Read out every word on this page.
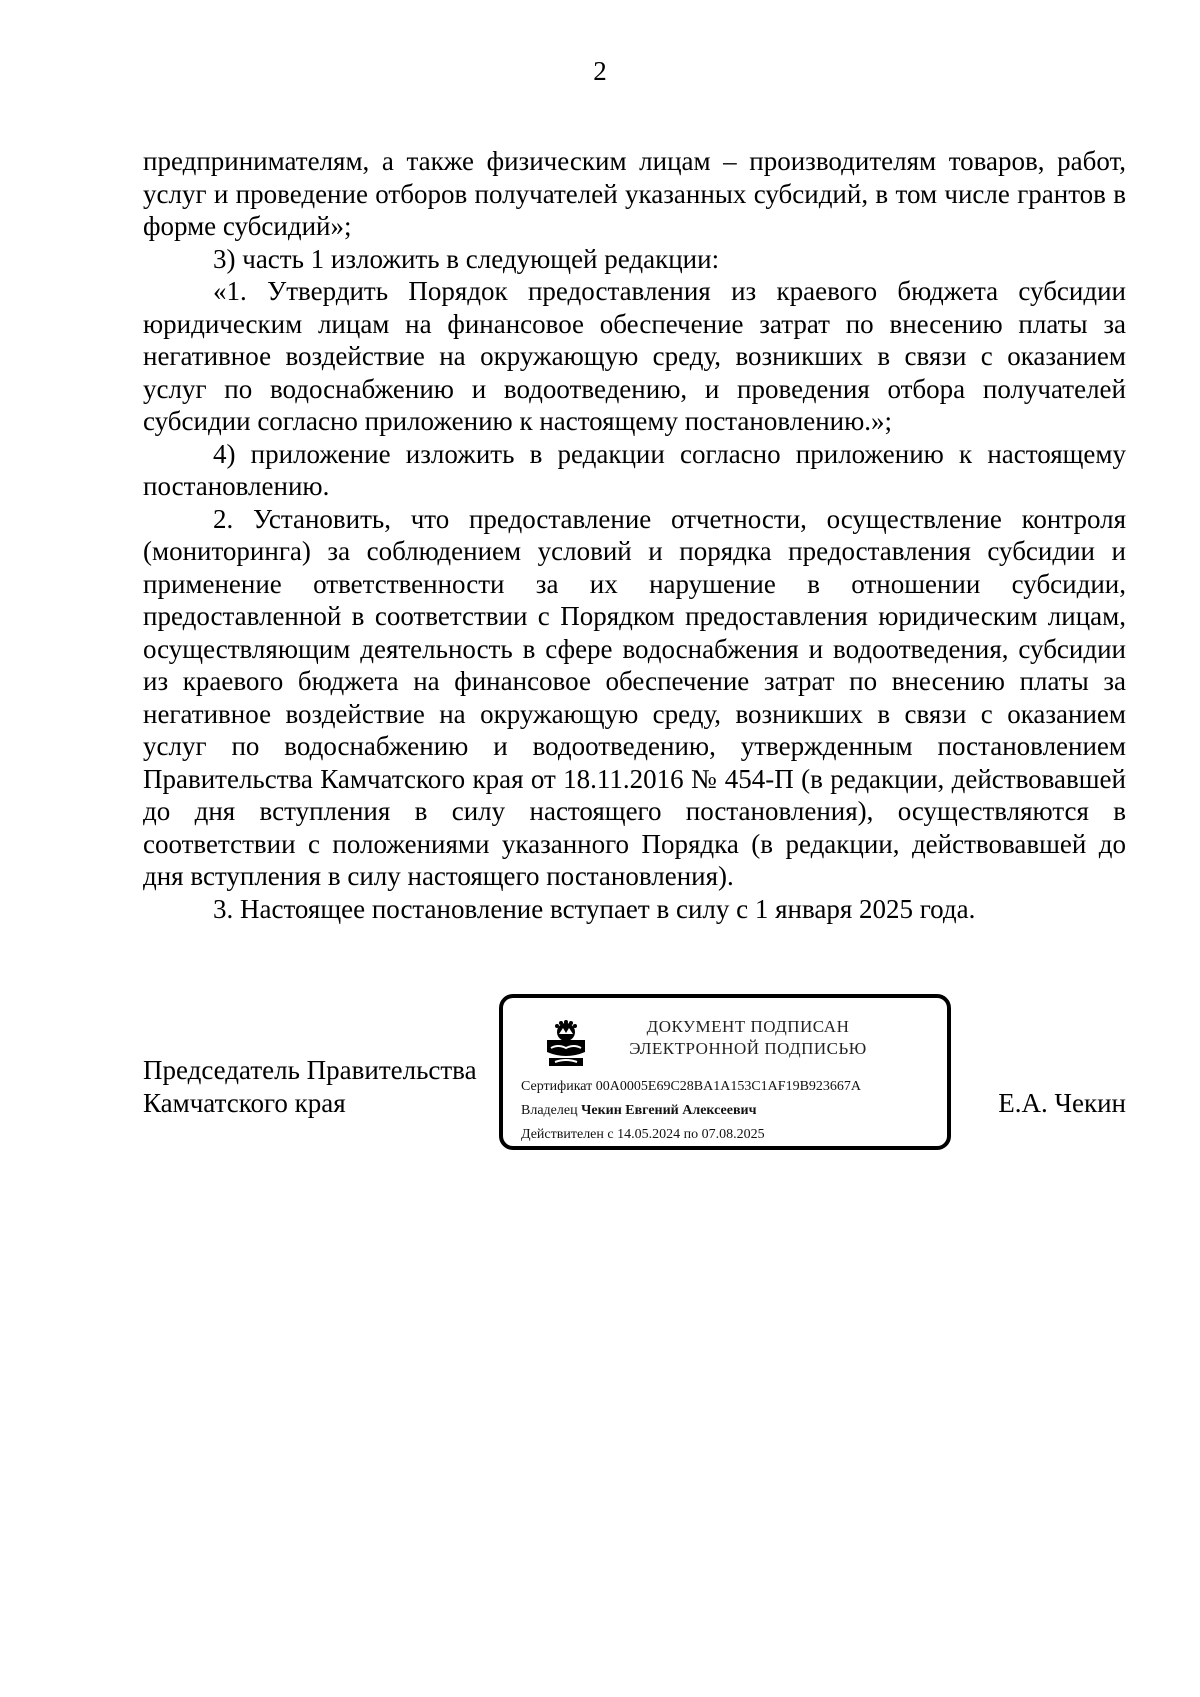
2

предпринимателям, а также физическим лицам – производителям товаров, работ, услуг и проведение отборов получателей указанных субсидий, в том числе грантов в форме субсидий»;

3) часть 1 изложить в следующей редакции:

«1. Утвердить Порядок предоставления из краевого бюджета субсидии юридическим лицам на финансовое обеспечение затрат по внесению платы за негативное воздействие на окружающую среду, возникших в связи с оказанием услуг по водоснабжению и водоотведению, и проведения отбора получателей субсидии согласно приложению к настоящему постановлению.»;

4) приложение изложить в редакции согласно приложению к настоящему постановлению.

2. Установить, что предоставление отчетности, осуществление контроля (мониторинга) за соблюдением условий и порядка предоставления субсидии и применение ответственности за их нарушение в отношении субсидии, предоставленной в соответствии с Порядком предоставления юридическим лицам, осуществляющим деятельность в сфере водоснабжения и водоотведения, субсидии из краевого бюджета на финансовое обеспечение затрат по внесению платы за негативное воздействие на окружающую среду, возникших в связи с оказанием услуг по водоснабжению и водоотведению, утвержденным постановлением Правительства Камчатского края от 18.11.2016 № 454-П (в редакции, действовавшей до дня вступления в силу настоящего постановления), осуществляются в соответствии с положениями указанного Порядка (в редакции, действовавшей до дня вступления в силу настоящего постановления).

3. Настоящее постановление вступает в силу с 1 января 2025 года.

Председатель Правительства
Камчатского края
ДОКУМЕНТ ПОДПИСАН
ЭЛЕКТРОННОЙ ПОДПИСЬЮ
Сертификат 00A0005E69C28BA1A153C1AF19B923667A
Владелец Чекин Евгений Алексеевич
Действителен с 14.05.2024 по 07.08.2025
Е.А. Чекин
